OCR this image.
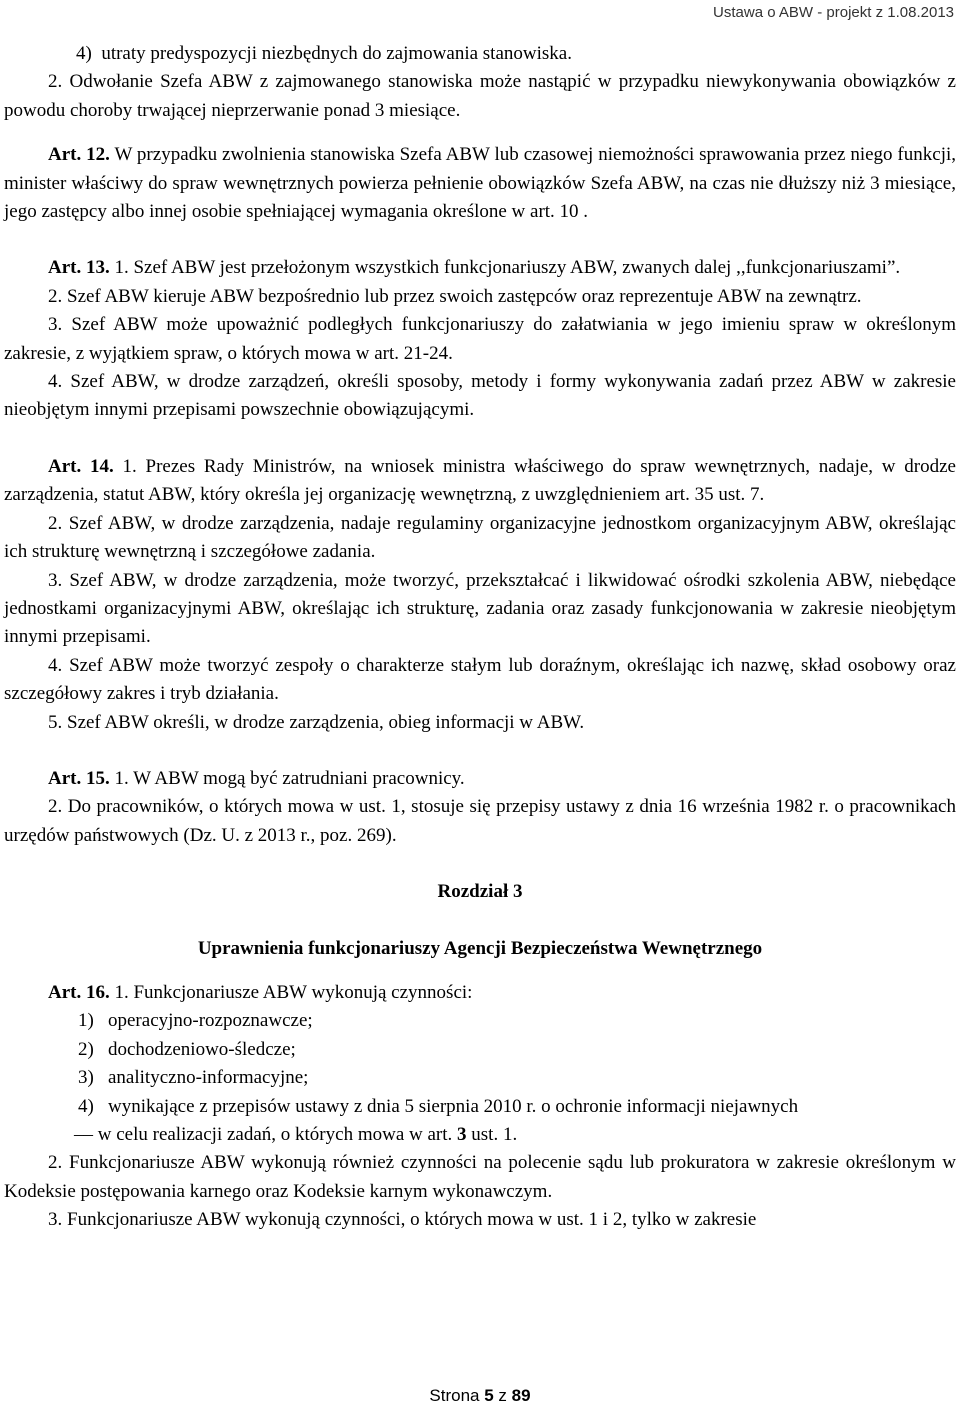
Ustawa o ABW - projekt z 1.08.2013

4) utraty predyspozycji niezbędnych do zajmowania stanowiska.

2. Odwołanie Szefa ABW z zajmowanego stanowiska może nastąpić w przypadku niewykonywania obowiązków z powodu choroby trwającej nieprzerwanie ponad 3 miesiące.

Art. 12. W przypadku zwolnienia stanowiska Szefa ABW lub czasowej niemożności sprawowania przez niego funkcji, minister właściwy do spraw wewnętrznych powierza pełnienie obowiązków Szefa ABW, na czas nie dłuższy niż 3 miesiące, jego zastępcy albo innej osobie spełniającej wymagania określone w art. 10 .

Art. 13. 1. Szef ABW jest przełożonym wszystkich funkcjonariuszy ABW, zwanych dalej ,,funkcjonariuszami”.

2. Szef ABW kieruje ABW bezpośrednio lub przez swoich zastępców oraz reprezentuje ABW na zewnątrz.

3. Szef ABW może upoważnić podległych funkcjonariuszy do załatwiania w jego imieniu spraw w określonym zakresie, z wyjątkiem spraw, o których mowa w art. 21-24.

4. Szef ABW, w drodze zarządzeń, określi sposoby, metody i formy wykonywania zadań przez ABW w zakresie nieobjętym innymi przepisami powszechnie obowiązującymi.

Art. 14. 1. Prezes Rady Ministrów, na wniosek ministra właściwego do spraw wewnętrznych, nadaje, w drodze zarządzenia, statut ABW, który określa jej organizację wewnętrzną, z uwzględnieniem art. 35 ust. 7.

2. Szef ABW, w drodze zarządzenia, nadaje regulaminy organizacyjne jednostkom organizacyjnym ABW, określając ich strukturę wewnętrzną i szczegółowe zadania.

3. Szef ABW, w drodze zarządzenia, może tworzyć, przekształcać i likwidować ośrodki szkolenia ABW, niebędące jednostkami organizacyjnymi ABW, określając ich strukturę, zadania oraz zasady funkcjonowania w zakresie nieobjętym innymi przepisami.

4. Szef ABW może tworzyć zespoły o charakterze stałym lub doraźnym, określając ich nazwę, skład osobowy oraz szczegółowy zakres i tryb działania.

5. Szef ABW określi, w drodze zarządzenia, obieg informacji w ABW.

Art. 15. 1. W ABW mogą być zatrudniani pracownicy.

2. Do pracowników, o których mowa w ust. 1, stosuje się przepisy ustawy z dnia 16 września 1982 r. o pracownikach urzędów państwowych (Dz. U. z 2013 r., poz. 269).

Rozdział 3

Uprawnienia funkcjonariuszy Agencji Bezpieczeństwa Wewnętrznego

Art. 16. 1. Funkcjonariusze ABW wykonują czynności:

1) operacyjno-rozpoznawcze;
2) dochodzeniowo-śledcze;
3) analityczno-informacyjne;
4) wynikające z przepisów ustawy z dnia 5 sierpnia 2010 r. o ochronie informacji niejawnych

–– w celu realizacji zadań, o których mowa w art. 3 ust. 1.

2. Funkcjonariusze ABW wykonują również czynności na polecenie sądu lub prokuratora w zakresie określonym w Kodeksie postępowania karnego oraz Kodeksie karnym wykonawczym.

3. Funkcjonariusze ABW wykonują czynności, o których mowa w ust. 1 i 2, tylko w zakresie

Strona 5 z 89
